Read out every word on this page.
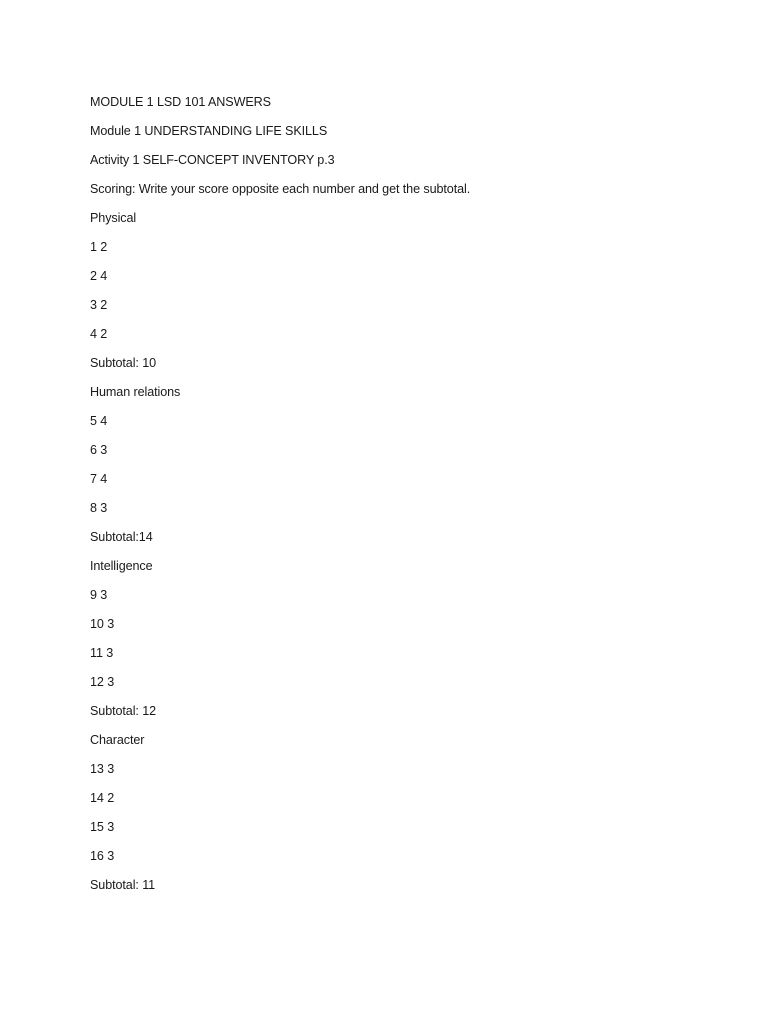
MODULE 1 LSD 101 ANSWERS
Module 1 UNDERSTANDING LIFE SKILLS
Activity 1 SELF-CONCEPT INVENTORY p.3
Scoring: Write your score opposite each number and get the subtotal.
Physical
1 2
2 4
3 2
4 2
Subtotal: 10
Human relations
5 4
6 3
7 4
8 3
Subtotal:14
Intelligence
9 3
10 3
11 3
12 3
Subtotal: 12
Character
13 3
14 2
15 3
16 3
Subtotal: 11
